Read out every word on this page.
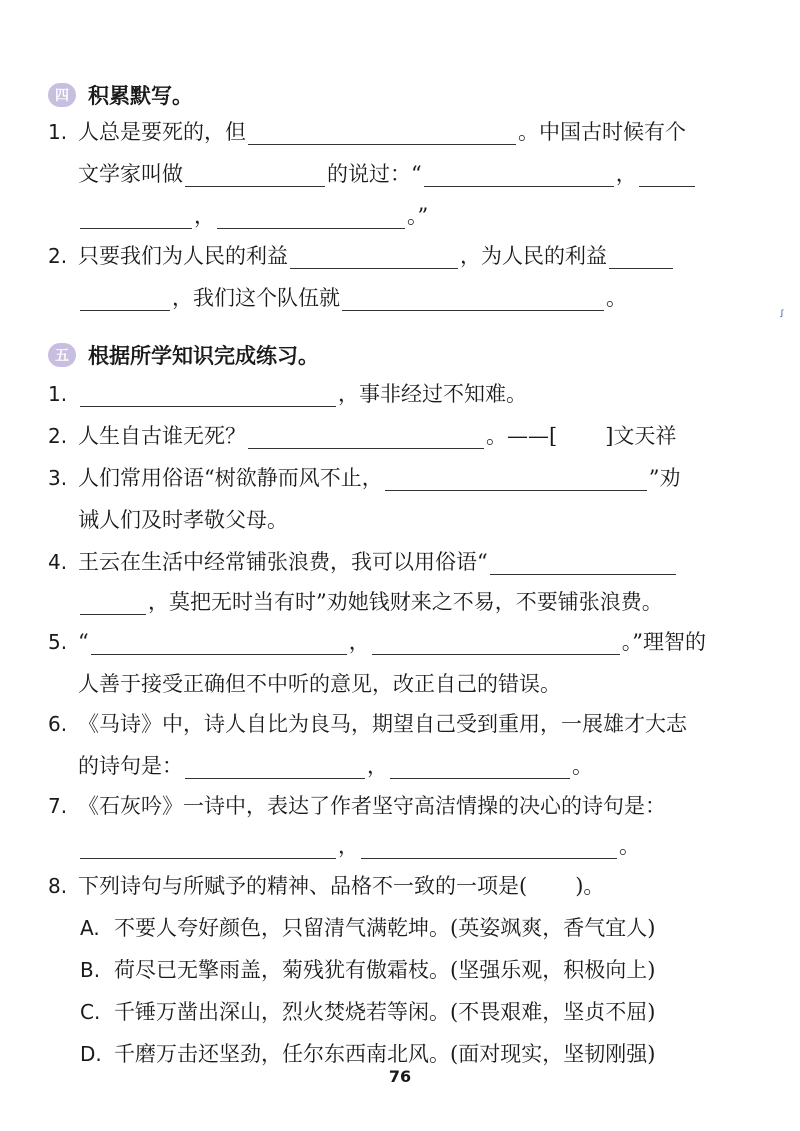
四 积累默写。
1. 人总是要死的，但	。中国古时候有个
文学家叫做	的说过：“	，
，	。”
2. 只要我们为人民的利益	，为人民的利益
，我们这个队伍就	。
ꭍ
五 根据所学知识完成练习。
1.	，事非经过不知难。
2. 人生自古谁无死？	。——[ ]文天祥
3. 人们常用俗语“树欲静而风不止，	”劝
诫人们及时孝敬父母。
4. 王云在生活中经常铺张浪费，我可以用俗语“
，莫把无时当有时”劝她钱财来之不易，不要铺张浪费。
5. “	，	。”理智的
人善于接受正确但不中听的意见，改正自己的错误。
6. 《马诗》中，诗人自比为良马，期望自己受到重用，一展雄才大志
的诗句是：	，	。
7. 《石灰吟》一诗中，表达了作者坚守高洁情操的决心的诗句是：
，	。
8. 下列诗句与所赋予的精神、品格不一致的一项是( )。
A. 不要人夸好颜色，只留清气满乾坤。(英姿飒爽，香气宜人)
B. 荷尽已无擎雨盖，菊残犹有傲霜枝。(坚强乐观，积极向上)
C. 千锤万凿出深山，烈火焚烧若等闲。(不畏艰难，坚贞不屈)
D. 千磨万击还坚劲，任尔东西南北风。(面对现实，坚韧刚强)
76
